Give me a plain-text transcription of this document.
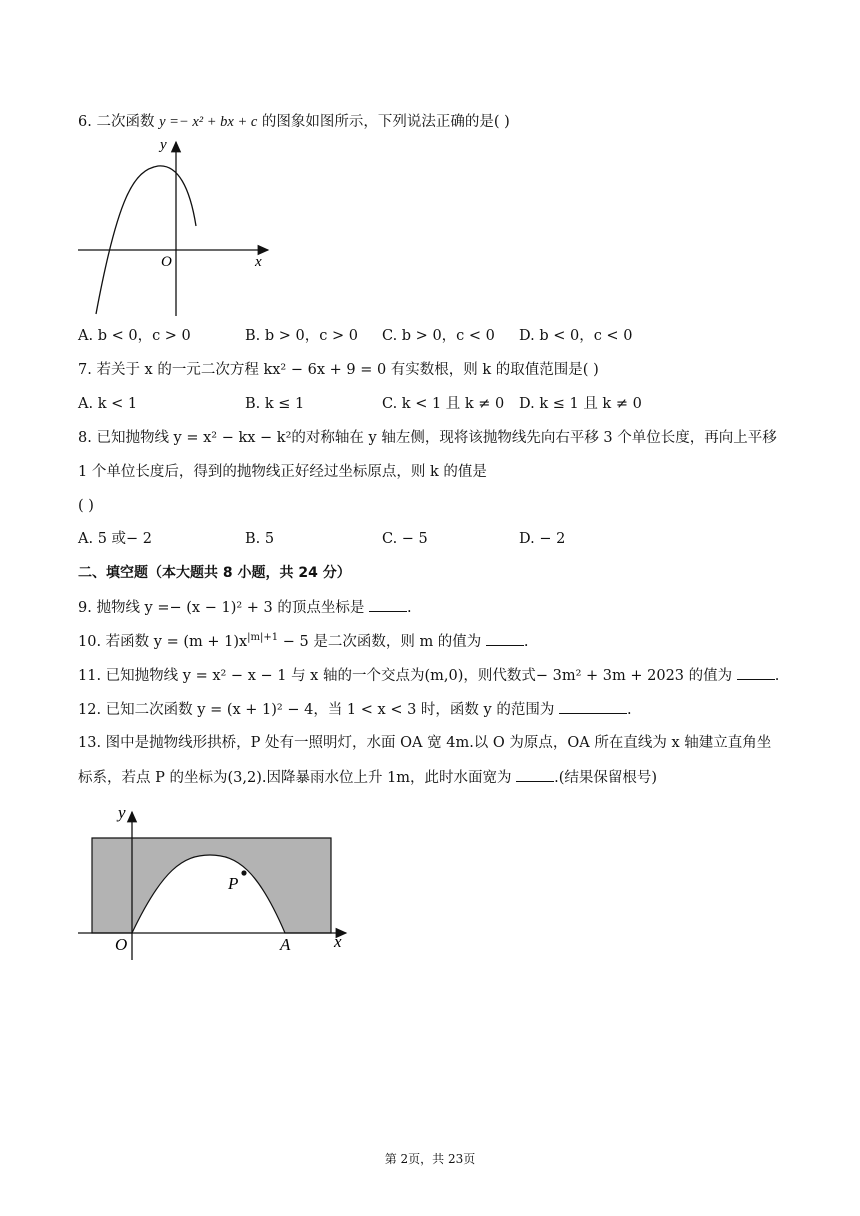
6. 二次函数 y =− x² + bx + c 的图象如图所示，下列说法正确的是( )
y
x
O
A. b < 0，c > 0	B. b > 0，c > 0 C. b > 0，c < 0 D. b < 0，c < 0
7. 若关于 x 的一元二次方程 kx² − 6x + 9 = 0 有实数根，则 k 的取值范围是( )
A. k < 1	B. k ≤ 1	C. k < 1 且 k ≠ 0 D. k ≤ 1 且 k ≠ 0
8. 已知抛物线 y = x² − kx − k²的对称轴在 y 轴左侧，现将该抛物线先向右平移 3 个单位长度，再向上平移
1 个单位长度后，得到的抛物线正好经过坐标原点，则 k 的值是
( )
A. 5 或− 2	B. 5	C. − 5	D. − 2
二、填空题（本大题共 8 小题，共 24 分）
9. 抛物线 y =− (x − 1)² + 3 的顶点坐标是	.
10. 若函数 $y = (m + 1)x^{|m|+1} - 5$ 是二次函数，则 m 的值为	.
11. 已知抛物线 y = x² − x − 1 与 x 轴的一个交点为(m,0)，则代数式− 3m² + 3m + 2023 的值为	.
12. 已知二次函数 y = (x + 1)² − 4，当 1 < x < 3 时，函数 y 的范围为	.
13. 图中是抛物线形拱桥，P 处有一照明灯，水面 OA 宽 4m.以 O 为原点，OA 所在直线为 x 轴建立直角坐
标系，若点 P 的坐标为(3,2).因降暴雨水位上升 1m，此时水面宽为	.(结果保留根号)
y
x
O	A
P
第 2页，共 23页
